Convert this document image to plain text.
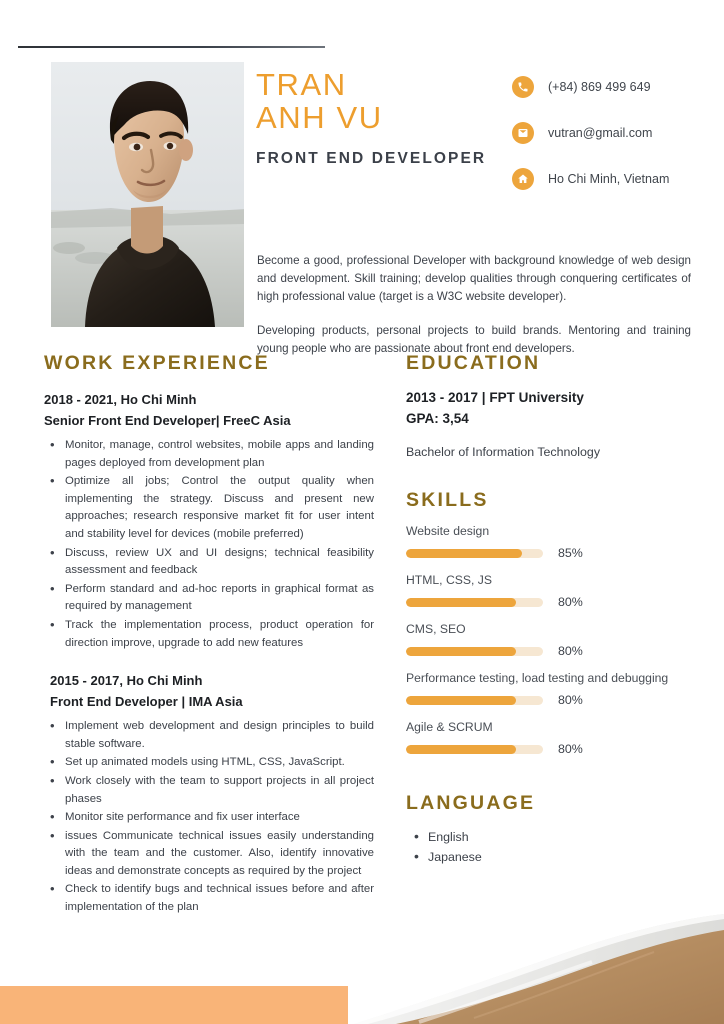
TRAN
ANH VU
FRONT END DEVELOPER
(+84) 869 499 649
vutran@gmail.com
Ho Chi Minh, Vietnam

Become a good, professional Developer with background knowledge of web design and development. Skill training; develop qualities through conquering certificates of high professional value (target is a W3C website developer).

Developing products, personal projects to build brands. Mentoring and training young people who are passionate about front end developers.

WORK EXPERIENCE
2018 - 2021, Ho Chi Minh
Senior Front End Developer| FreeC Asia
• Monitor, manage, control websites, mobile apps and landing pages deployed from development plan
• Optimize all jobs; Control the output quality when implementing the strategy. Discuss and present new approaches; research responsive market fit for user intent and stability level for devices (mobile preferred)
• Discuss, review UX and UI designs; technical feasibility assessment and feedback
• Perform standard and ad-hoc reports in graphical format as required by management
• Track the implementation process, product operation for direction improve, upgrade to add new features
2015 - 2017, Ho Chi Minh
Front End Developer | IMA Asia
• Implement web development and design principles to build stable software.
• Set up animated models using HTML, CSS, JavaScript.
• Work closely with the team to support projects in all project phases
• Monitor site performance and fix user interface
• issues Communicate technical issues easily understanding with the team and the customer. Also, identify innovative ideas and demonstrate concepts as required by the project
• Check to identify bugs and technical issues before and after implementation of the plan
EDUCATION
2013 - 2017 | FPT University
GPA: 3,54
Bachelor of Information Technology
SKILLS
Website design
85%
HTML, CSS, JS
80%
CMS, SEO
80%
Performance testing, load testing and debugging
80%
Agile & SCRUM
80%
LANGUAGE
• English
• Japanese
